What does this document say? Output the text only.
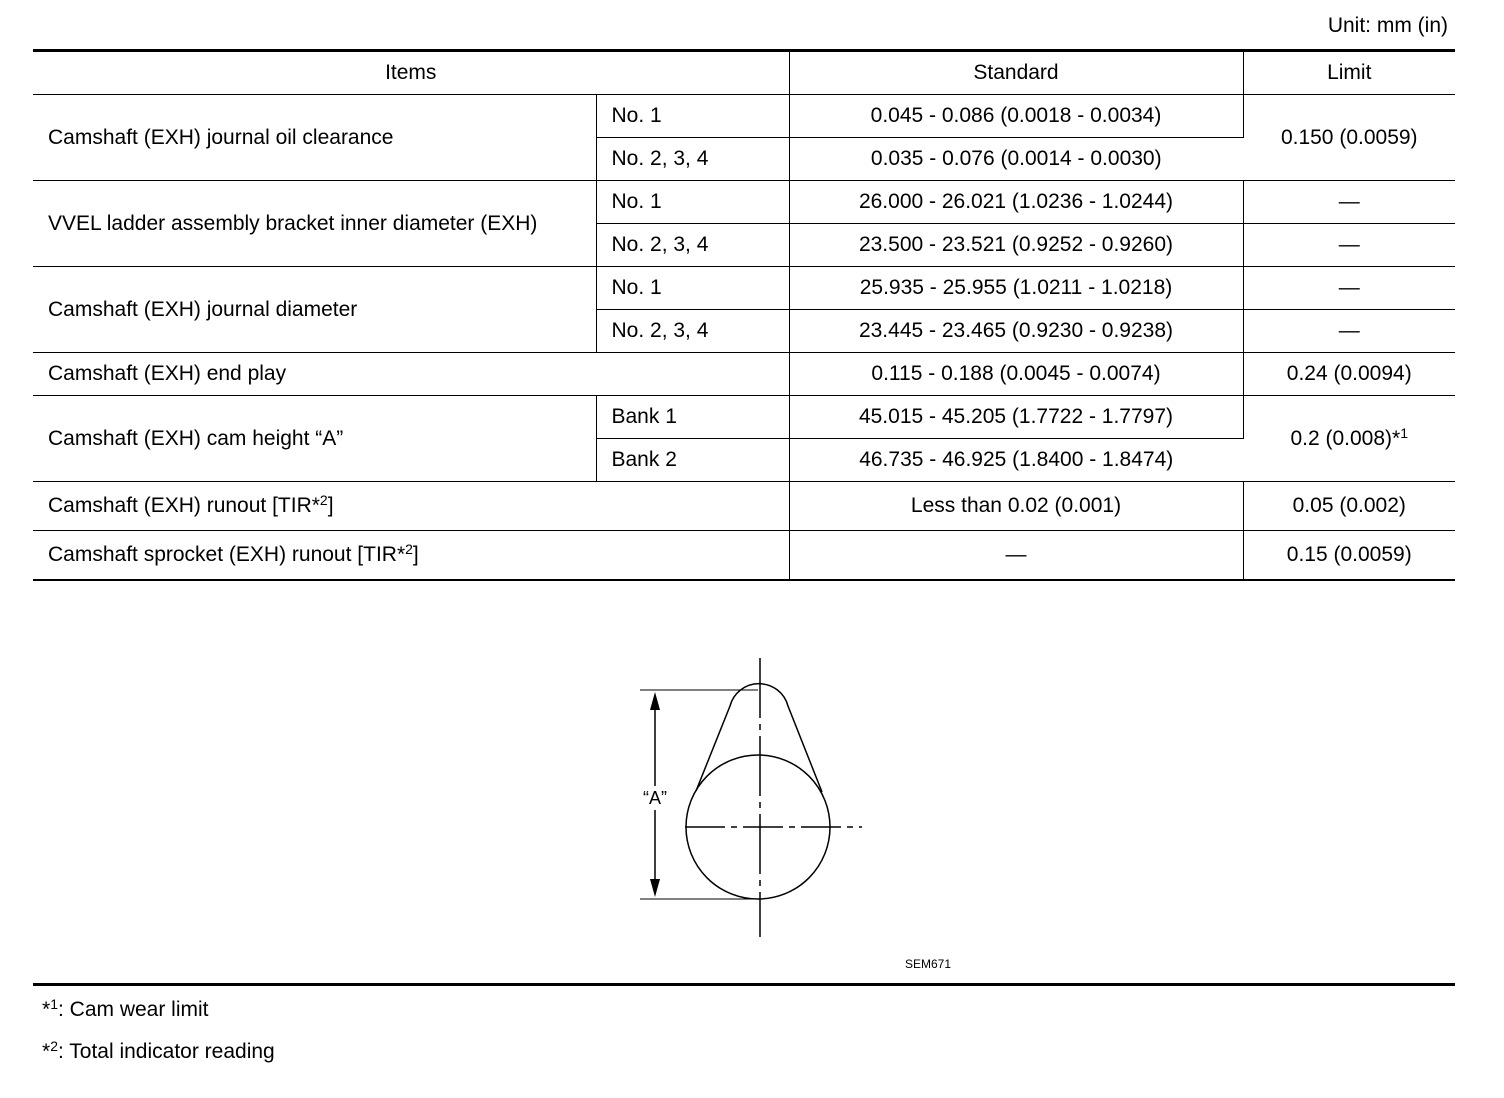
Unit: mm (in)
Items		Standard	Limit
Camshaft (EXH) journal oil clearance	No. 1	0.045 - 0.086 (0.0018 - 0.0034)	0.150 (0.0059)
	No. 2, 3, 4	0.035 - 0.076 (0.0014 - 0.0030)	
VVEL ladder assembly bracket inner diameter (EXH)	No. 1	26.000 - 26.021 (1.0236 - 1.0244)	—
	No. 2, 3, 4	23.500 - 23.521 (0.9252 - 0.9260)	—
Camshaft (EXH) journal diameter	No. 1	25.935 - 25.955 (1.0211 - 1.0218)	—
	No. 2, 3, 4	23.445 - 23.465 (0.9230 - 0.9238)	—
Camshaft (EXH) end play		0.115 - 0.188 (0.0045 - 0.0074)	0.24 (0.0094)
Camshaft (EXH) cam height “A”	Bank 1	45.015 - 45.205 (1.7722 - 1.7797)	0.2 (0.008)*$^1$
	Bank 2	46.735 - 46.925 (1.8400 - 1.8474)	
Camshaft (EXH) runout [TIR*$^2$]		Less than 0.02 (0.001)	0.05 (0.002)
Camshaft sprocket (EXH) runout [TIR*$^2$]		—	0.15 (0.0059)
“A”
SEM671
*$^1$: Cam wear limit
*$^2$: Total indicator reading
